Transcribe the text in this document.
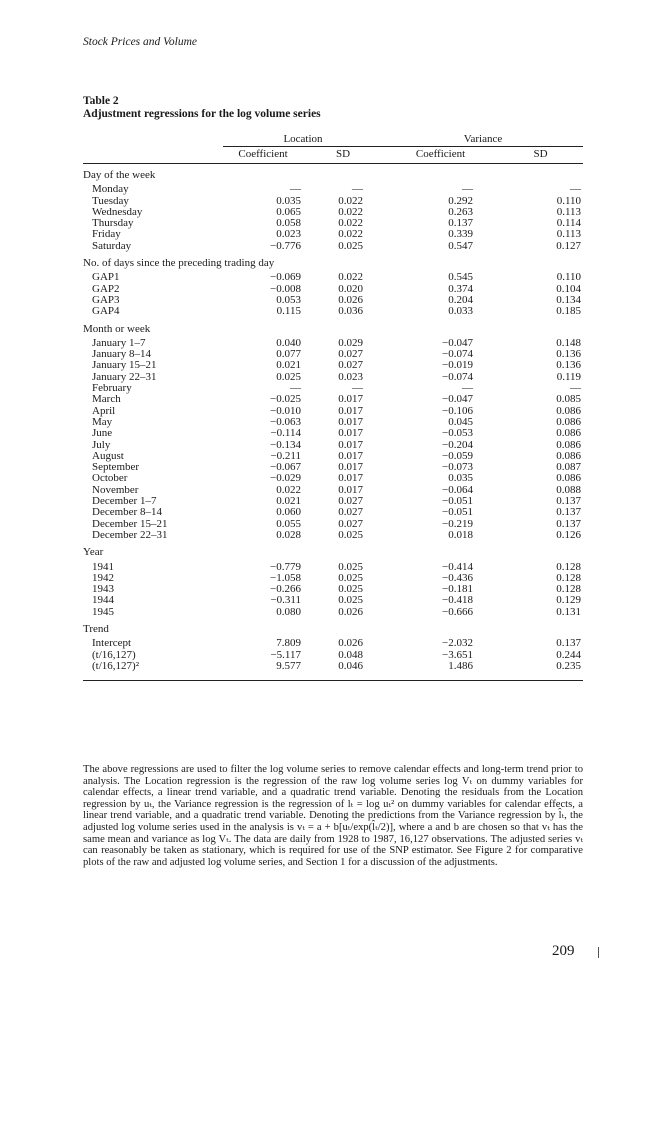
Stock Prices and Volume
Table 2
Adjustment regressions for the log volume series
	Location		Variance	
	Coefficient	SD	Coefficient	SD

Day of the week				
Monday	—	—	—	—
Tuesday	0.035	0.022	0.292	0.110
Wednesday	0.065	0.022	0.263	0.113
Thursday	0.058	0.022	0.137	0.114
Friday	0.023	0.022	0.339	0.113
Saturday	−0.776	0.025	0.547	0.127
No. of days since the preceding trading day				
GAP1	−0.069	0.022	0.545	0.110
GAP2	−0.008	0.020	0.374	0.104
GAP3	0.053	0.026	0.204	0.134
GAP4	0.115	0.036	0.033	0.185
Month or week				
January 1–7	0.040	0.029	−0.047	0.148
January 8–14	0.077	0.027	−0.074	0.136
January 15–21	0.021	0.027	−0.019	0.136
January 22–31	0.025	0.023	−0.074	0.119
February	—	—	—	—
March	−0.025	0.017	−0.047	0.085
April	−0.010	0.017	−0.106	0.086
May	−0.063	0.017	0.045	0.086
June	−0.114	0.017	−0.053	0.086
July	−0.134	0.017	−0.204	0.086
August	−0.211	0.017	−0.059	0.086
September	−0.067	0.017	−0.073	0.087
October	−0.029	0.017	0.035	0.086
November	0.022	0.017	−0.064	0.088
December 1–7	0.021	0.027	−0.051	0.137
December 8–14	0.060	0.027	−0.051	0.137
December 15–21	0.055	0.027	−0.219	0.137
December 22–31	0.028	0.025	0.018	0.126
Year				
1941	−0.779	0.025	−0.414	0.128
1942	−1.058	0.025	−0.436	0.128
1943	−0.266	0.025	−0.181	0.128
1944	−0.311	0.025	−0.418	0.129
1945	0.080	0.026	−0.666	0.131
Trend				
Intercept	7.809	0.026	−2.032	0.137
(t/16,127)	−5.117	0.048	−3.651	0.244
(t/16,127)²	9.577	0.046	1.486	0.235

The above regressions are used to filter the log volume series to remove calendar effects and long-term trend prior to analysis. The Location regression is the regression of the raw log volume series log Vₜ on dummy variables for calendar effects, a linear trend variable, and a quadratic trend variable. Denoting the residuals from the Location regression by uₜ, the Variance regression is the regression of lₜ = log uₜ² on dummy variables for calendar effects, a linear trend variable, and a quadratic trend variable. Denoting the predictions from the Variance regression by l̂ₜ, the adjusted log volume series used in the analysis is vₜ = a + b[uₜ/exp(l̂ₜ/2)], where a and b are chosen so that vₜ has the same mean and variance as log Vₜ. The data are daily from 1928 to 1987, 16,127 observations. The adjusted series vₜ can reasonably be taken as stationary, which is required for use of the SNP estimator. See Figure 2 for comparative plots of the raw and adjusted log volume series, and Section 1 for a discussion of the adjustments.
209
